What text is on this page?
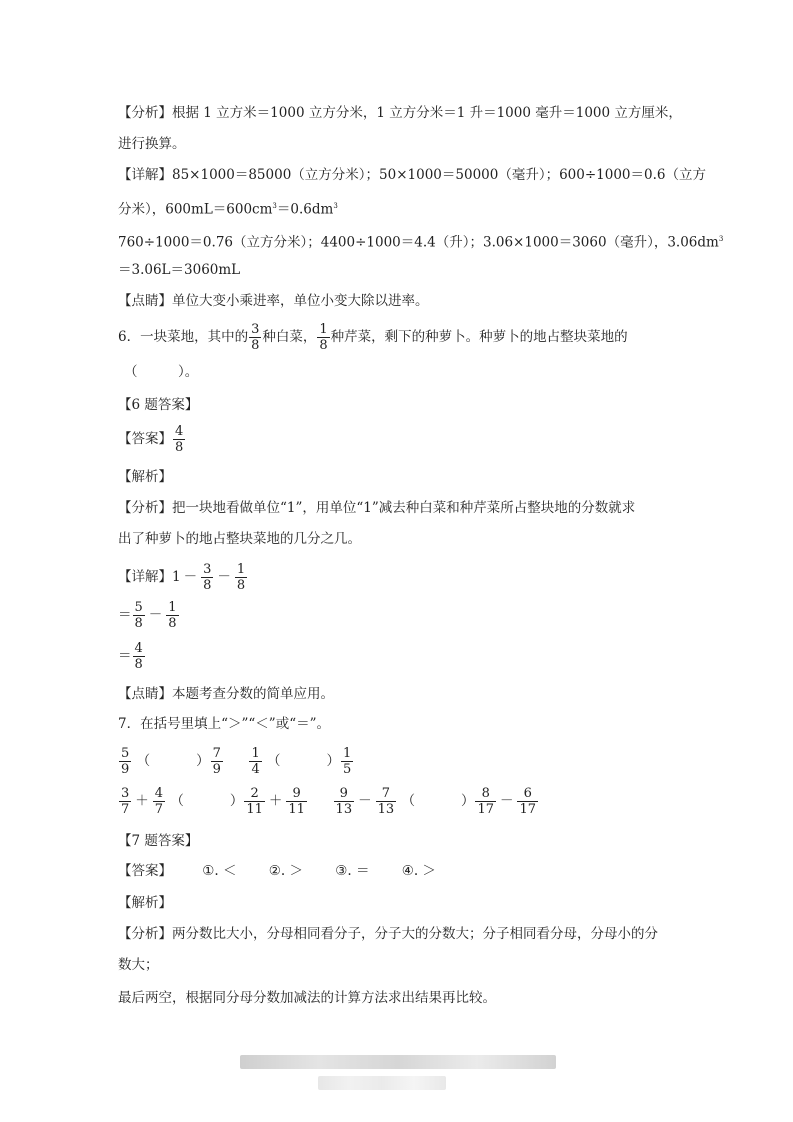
【分析】根据 1 立方米＝1000 立方分米，1 立方分米＝1 升＝1000 毫升＝1000 立方厘米，
进行换算。
【详解】85×1000＝85000（立方分米）；50×1000＝50000（毫升）；600÷1000＝0.6（立方
分米），$600mL=600cm^3=0.6dm^3$
760÷1000＝0.76（立方分米）；4400÷1000＝4.4（升）；3.06×1000＝3060（毫升），$3.06dm^3$
＝3.06L＝3060mL
【点睛】单位大变小乘进率，单位小变大除以进率。
6．一块菜地，其中的 $\frac{3}{8}$ 种白菜， $\frac{1}{8}$ 种芹菜，剩下的种萝卜。种萝卜的地占整块菜地的
（　　　）。
【6 题答案】
【答案】 $\frac{4}{8}$
【解析】
【分析】把一块地看做单位“1”，用单位“1”减去种白菜和种芹菜所占整块地的分数就求
出了种萝卜的地占整块菜地的几分之几。
【详解】$1 - \frac{3}{8} - \frac{1}{8}$
＝ $\frac{5}{8} - \frac{1}{8}$
＝ $\frac{4}{8}$
【点睛】本题考查分数的简单应用。
7．在括号里填上“＞”“＜”或“＝”。
$\frac{5}{9}$ （	） $\frac{7}{9}$
$\frac{1}{4}$ （	） $\frac{1}{5}$
$\frac{3}{7} + \frac{4}{7}$ （	） $\frac{2}{11} + \frac{9}{11}$
$\frac{9}{13} - \frac{7}{13}$ （	） $\frac{8}{17} - \frac{6}{17}$
【7 题答案】
【答案】 ①. ＜ ②. ＞ ③. ＝ ④. ＞
【解析】
【分析】两分数比大小，分母相同看分子，分子大的分数大；分子相同看分母，分母小的分
数大；
最后两空，根据同分母分数加减法的计算方法求出结果再比较。
